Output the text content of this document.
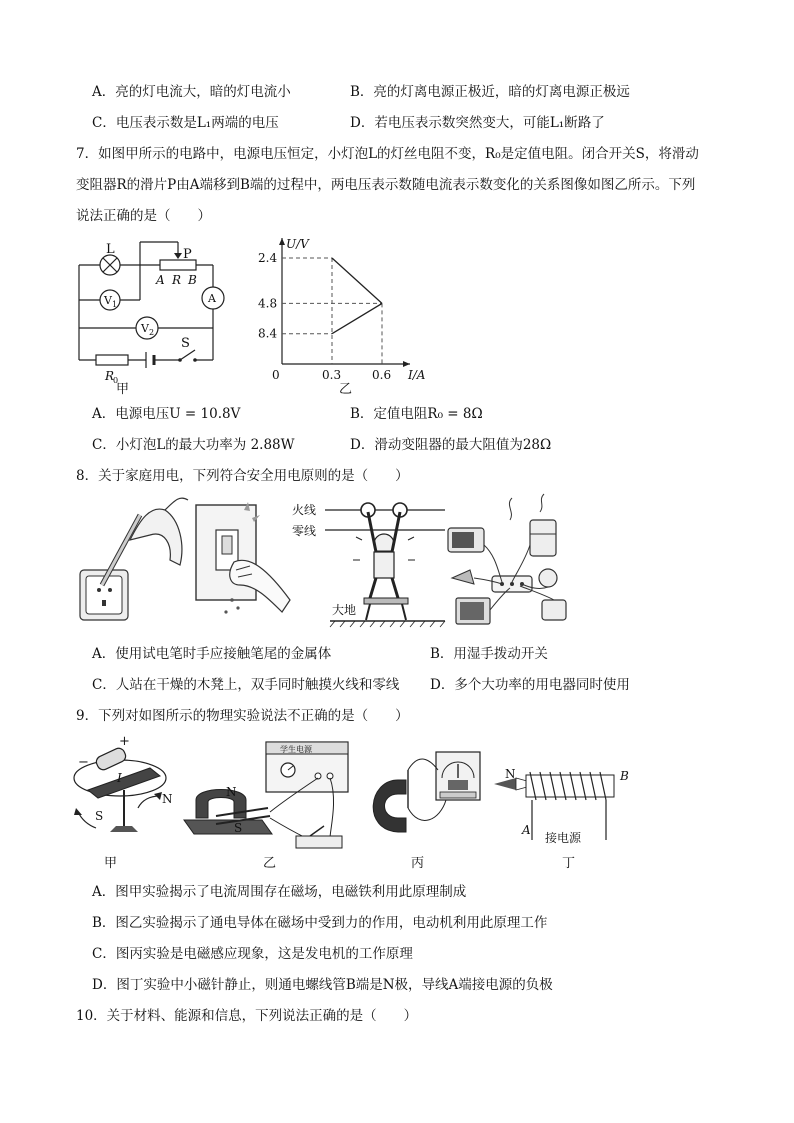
A．亮的灯电流大，暗的灯电流小	B．亮的灯离电源正极近，暗的灯离电源正极远
C．电压表示数是L₁两端的电压	D．若电压表示数突然变大，可能L₁断路了
7．如图甲所示的电路中，电源电压恒定，小灯泡L的灯丝电阻不变，R₀是定值电阻。闭合开关S，将滑动
变阻器R的滑片P由A端移到B端的过程中，两电压表示数随电流表示数变化的关系图像如图乙所示。下列
说法正确的是（　　）
L	P
A R B
V 1
V 2
A
R
0
S
甲
8.4
4.8
2.4
0.3	0.6
0
U/V
I/A
乙
A．电源电压U = 10.8V	B．定值电阻R₀ = 8Ω
C．小灯泡L的最大功率为 2.88W	D．滑动变阻器的最大阻值为28Ω
8．关于家庭用电，下列符合安全用电原则的是（　　）
火线
零线
大地
A．使用试电笔时手应接触笔尾的金属体	B．用湿手拨动开关
C．人站在干燥的木凳上，双手同时触摸火线和零线 D．多个大功率的用电器同时使用
9．下列对如图所示的物理实验说法不正确的是（　　）
−
+
I
N
S
甲
学生电源
N
S
乙	丙
N	B
A
接电源
丁
A．图甲实验揭示了电流周围存在磁场，电磁铁利用此原理制成
B．图乙实验揭示了通电导体在磁场中受到力的作用，电动机利用此原理工作
C．图丙实验是电磁感应现象，这是发电机的工作原理
D．图丁实验中小磁针静止，则通电螺线管B端是N极，导线A端接电源的负极
10．关于材料、能源和信息，下列说法正确的是（　　）
